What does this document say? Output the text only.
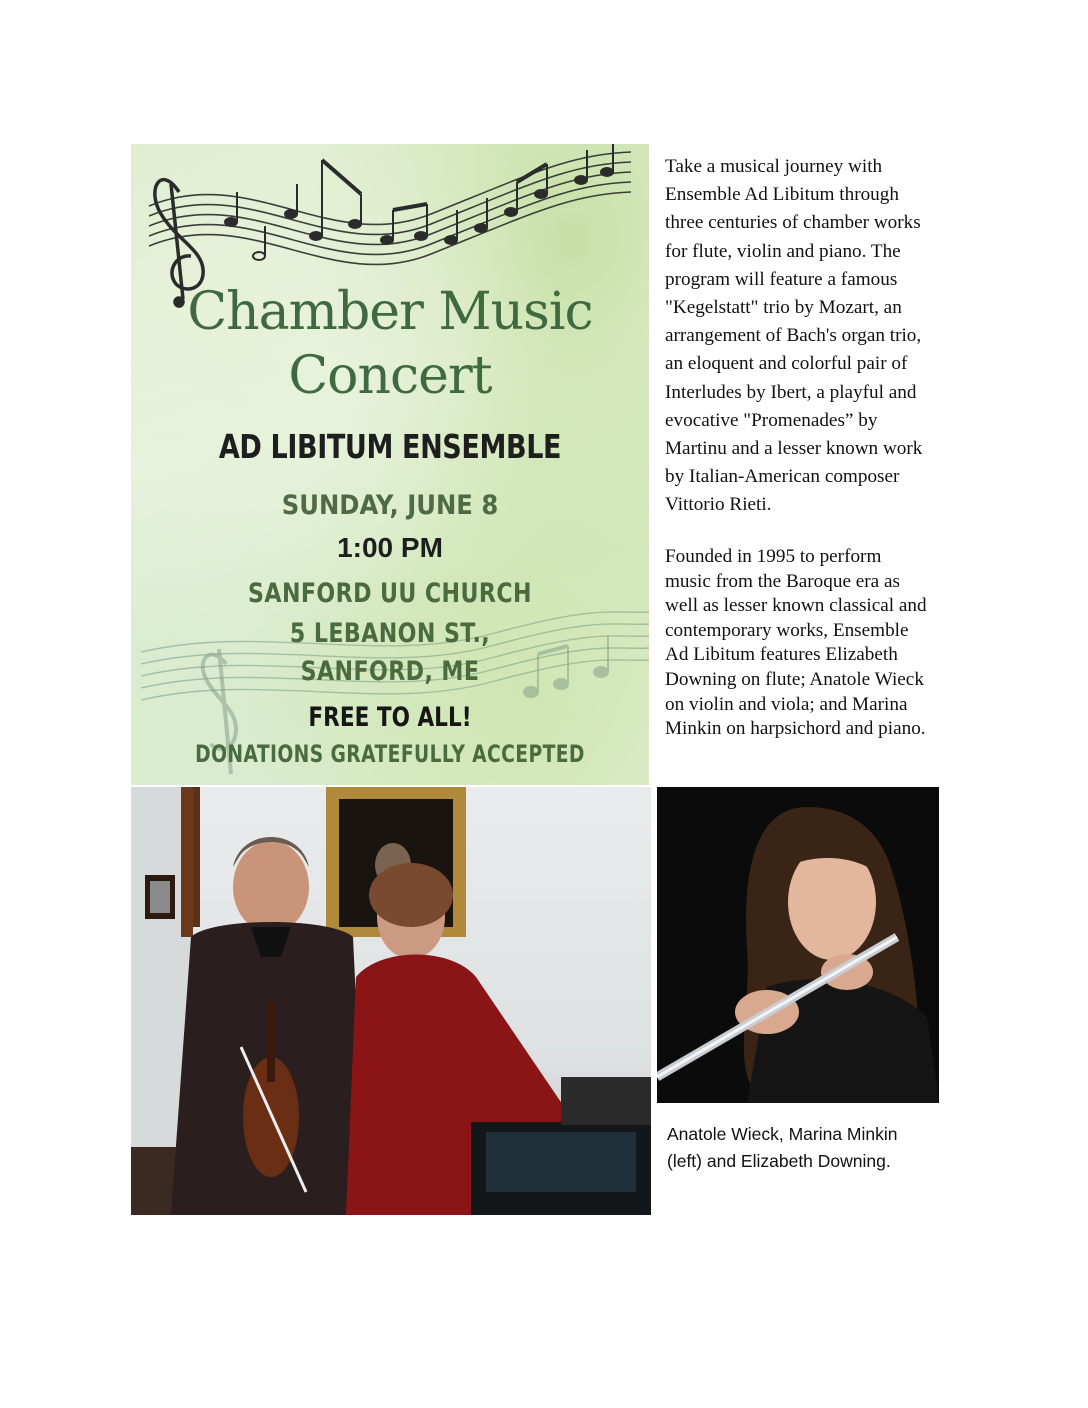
Chamber Music
Concert
AD LIBITUM ENSEMBLE
SUNDAY, JUNE 8
1:00 PM
SANFORD UU CHURCH
5 LEBANON ST.,
SANFORD, ME
FREE TO ALL!
DONATIONS GRATEFULLY ACCEPTED

Take a musical journey with
Ensemble Ad Libitum through
three centuries of chamber works
for flute, violin and piano. The
program will feature a famous
"Kegelstatt" trio by Mozart, an
arrangement of Bach's organ trio,
an eloquent and colorful pair of
Interludes by Ibert, a playful and
evocative "Promenades” by
Martinu and a lesser known work
by Italian-American composer
Vittorio Rieti.

Founded in 1995 to perform
music from the Baroque era as
well as lesser known classical and
contemporary works, Ensemble
Ad Libitum features Elizabeth
Downing on flute; Anatole Wieck
on violin and viola; and Marina
Minkin on harpsichord and piano.

Anatole Wieck, Marina Minkin
(left) and Elizabeth Downing.
